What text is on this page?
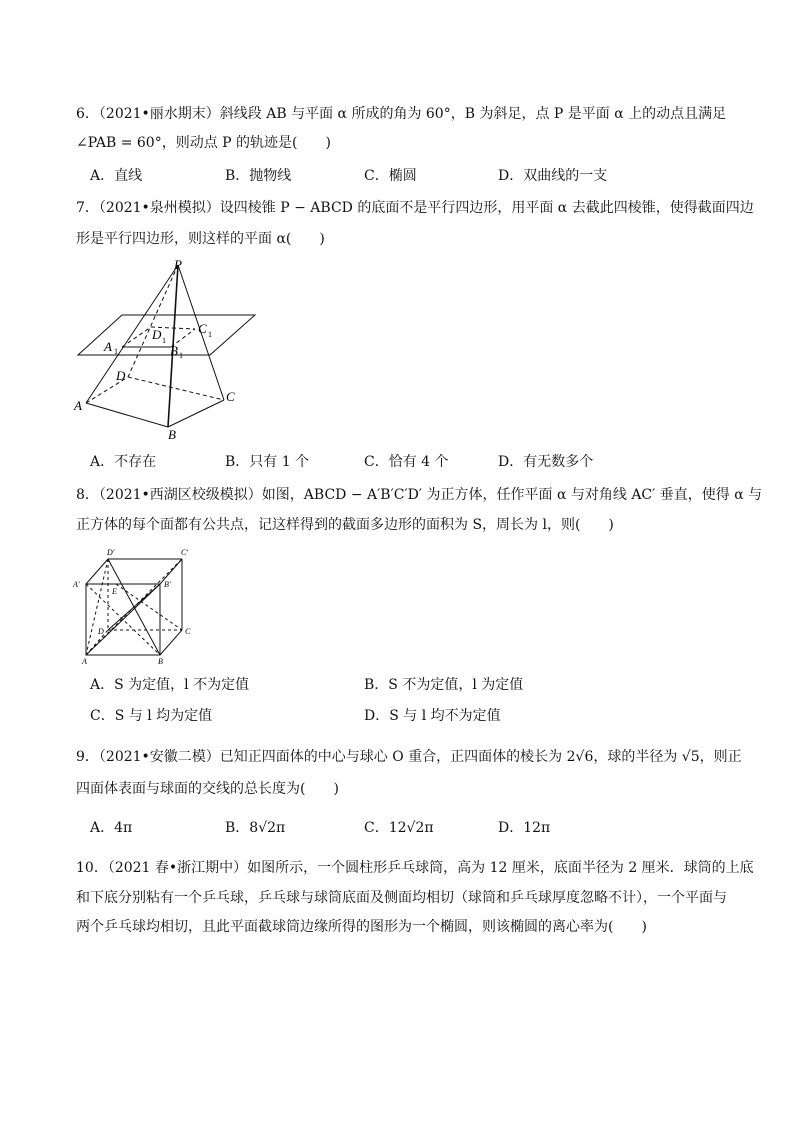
6．（2021•丽水期末）斜线段 AB 与平面 α 所成的角为 60°，B 为斜足，点 P 是平面 α 上的动点且满足
∠PAB = 60°，则动点 P 的轨迹是(　　)
A．直线	B．抛物线	C．椭圆	D．双曲线的一支
7．（2021•泉州模拟）设四棱锥 P − ABCD 的底面不是平行四边形，用平面 α 去截此四棱锥，使得截面四边
形是平行四边形，则这样的平面 α(　　)
P
D
C
A
B
A 1	B 1
C 1
D 1
A．不存在	B．只有 1 个	C．恰有 4 个	D．有无数多个
8．（2021•西湖区校级模拟）如图，ABCD − A′B′C′D′ 为正方体，任作平面 α 与对角线 AC′ 垂直，使得 α 与
正方体的每个面都有公共点，记这样得到的截面多边形的面积为 S，周长为 l，则(　　)
D′	C′
A′	B′
E
D	C
A	B
A．S 为定值，l 不为定值	B．S 不为定值，l 为定值
C．S 与 l 均为定值	D．S 与 l 均不为定值
9．（2021•安徽二模）已知正四面体的中心与球心 O 重合，正四面体的棱长为 2√6，球的半径为 √5，则正
四面体表面与球面的交线的总长度为(　　)
A．4π	B．8√2π	C．12√2π	D．12π
10．（2021 春•浙江期中）如图所示，一个圆柱形乒乓球筒，高为 12 厘米，底面半径为 2 厘米．球筒的上底
和下底分别粘有一个乒乓球，乒乓球与球筒底面及侧面均相切（球筒和乒乓球厚度忽略不计），一个平面与
两个乒乓球均相切，且此平面截球筒边缘所得的图形为一个椭圆，则该椭圆的离心率为(　　)
